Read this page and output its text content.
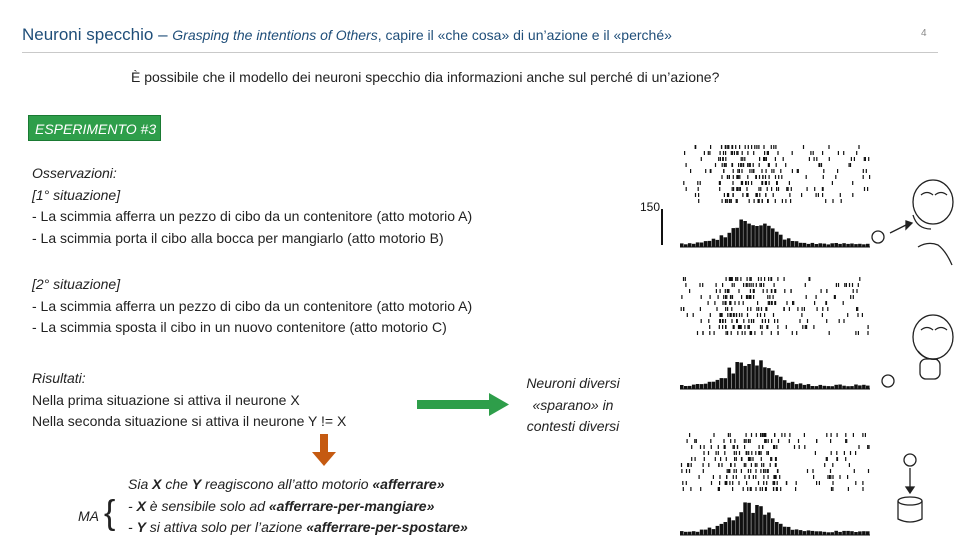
Neuroni specchio – Grasping the intentions of Others, capire il «che cosa» di un’azione e il «perché»	4
È possibile che il modello dei neuroni specchio dia informazioni anche sul perché di un’azione?
ESPERIMENTO #3
Osservazioni:
[1° situazione]
- La scimmia afferra un pezzo di cibo da un contenitore (atto motorio A)
- La scimmia porta il cibo alla bocca per mangiarlo (atto motorio B)
[2° situazione]
- La scimmia afferra un pezzo di cibo da un contenitore (atto motorio A)
- La scimmia sposta il cibo in un nuovo contenitore (atto motorio C)
Risultati:
Nella prima situazione si attiva il neurone X
Nella seconda situazione si attiva il neurone Y != X
Neuroni diversi
«sparano» in
contesti diversi
MA {
Sia X che Y reagiscono all’atto motorio «afferrare»
- X è sensibile solo ad «afferrare-per-mangiare»
- Y si attiva solo per l’azione «afferrare-per-spostare»
150
